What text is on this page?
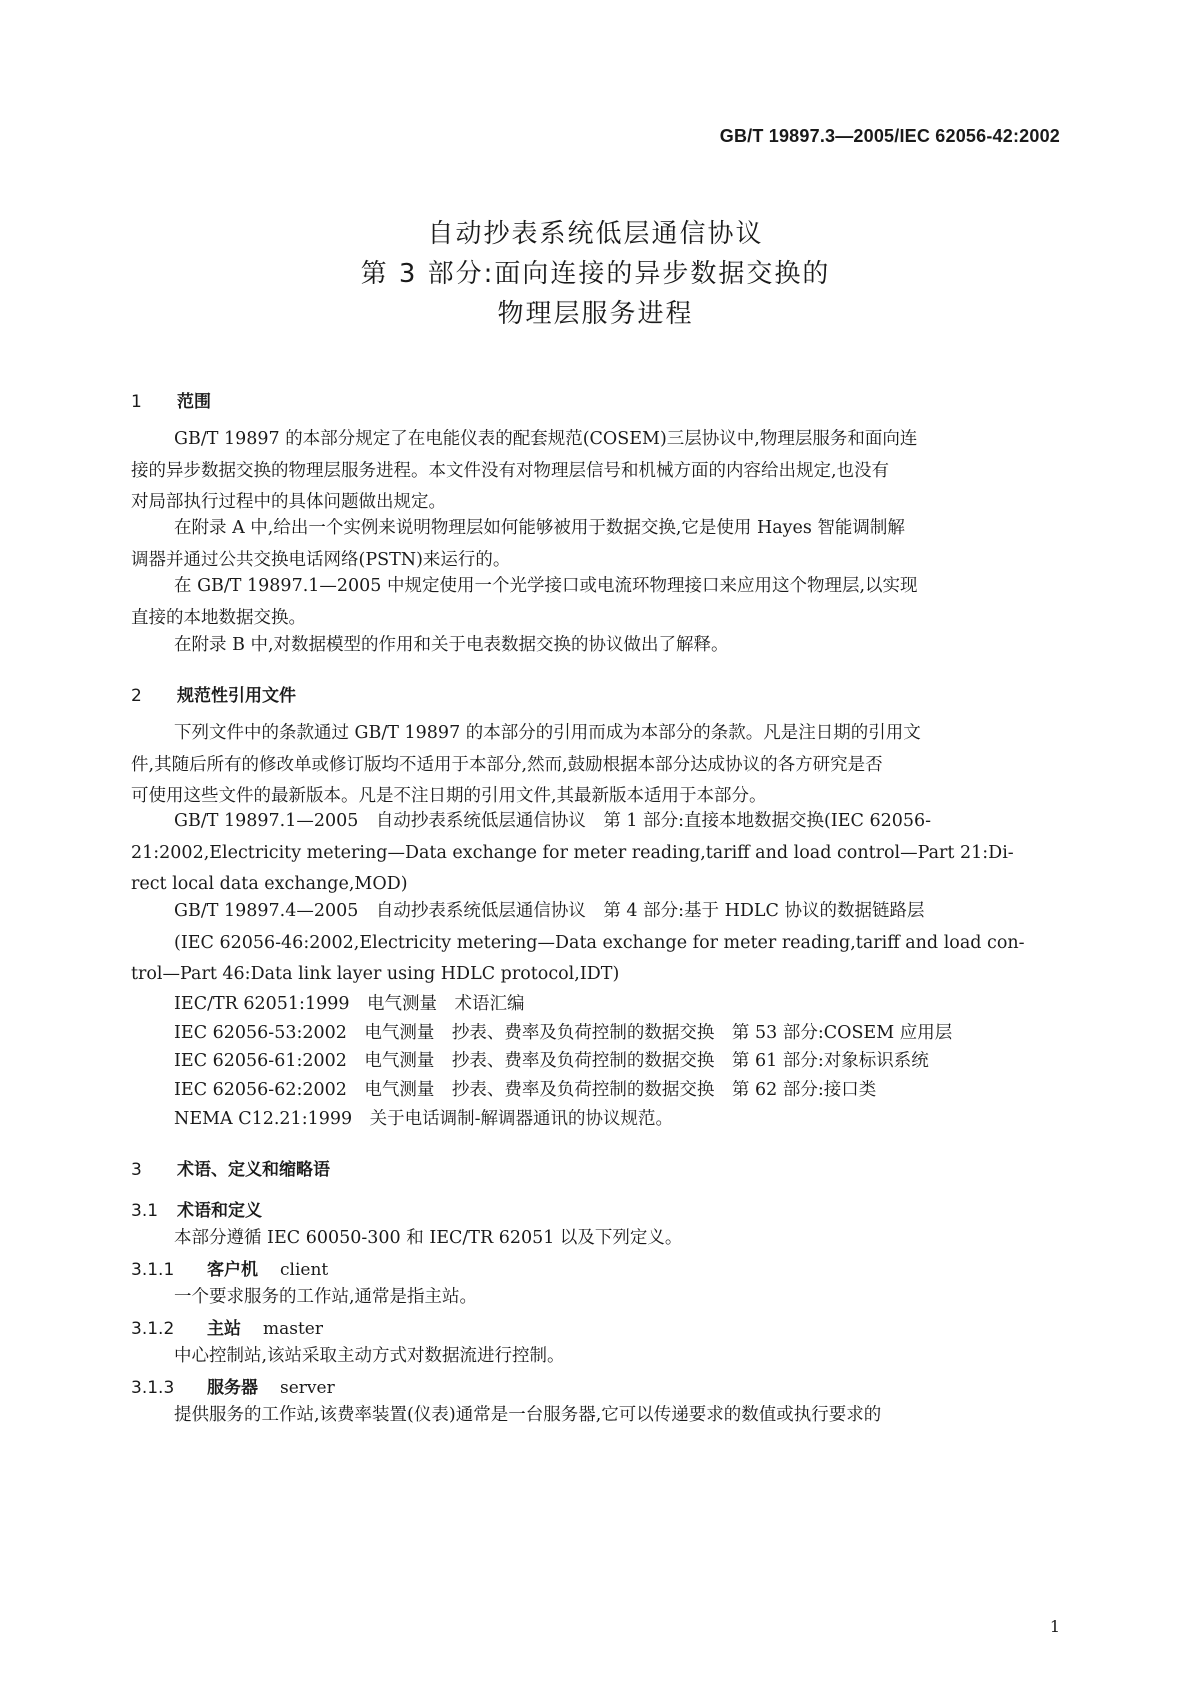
GB/T 19897.3—2005/IEC 62056-42:2002
自动抄表系统低层通信协议
第 3 部分:面向连接的异步数据交换的
物理层服务进程
1 范围
GB/T 19897 的本部分规定了在电能仪表的配套规范(COSEM)三层协议中,物理层服务和面向连
接的异步数据交换的物理层服务进程。本文件没有对物理层信号和机械方面的内容给出规定,也没有
对局部执行过程中的具体问题做出规定。
在附录 A 中,给出一个实例来说明物理层如何能够被用于数据交换,它是使用 Hayes 智能调制解
调器并通过公共交换电话网络(PSTN)来运行的。
在 GB/T 19897.1—2005 中规定使用一个光学接口或电流环物理接口来应用这个物理层,以实现
直接的本地数据交换。
在附录 B 中,对数据模型的作用和关于电表数据交换的协议做出了解释。
2 规范性引用文件
下列文件中的条款通过 GB/T 19897 的本部分的引用而成为本部分的条款。凡是注日期的引用文
件,其随后所有的修改单或修订版均不适用于本部分,然而,鼓励根据本部分达成协议的各方研究是否
可使用这些文件的最新版本。凡是不注日期的引用文件,其最新版本适用于本部分。
GB/T 19897.1—2005　自动抄表系统低层通信协议　第 1 部分:直接本地数据交换(IEC 62056-
21:2002,Electricity metering—Data exchange for meter reading,tariff and load control—Part 21:Di-
rect local data exchange,MOD)
GB/T 19897.4—2005　自动抄表系统低层通信协议　第 4 部分:基于 HDLC 协议的数据链路层
(IEC 62056-46:2002,Electricity metering—Data exchange for meter reading,tariff and load con-
trol—Part 46:Data link layer using HDLC protocol,IDT)
IEC/TR 62051:1999　电气测量　术语汇编
IEC 62056-53:2002　电气测量　抄表、费率及负荷控制的数据交换　第 53 部分:COSEM 应用层
IEC 62056-61:2002　电气测量　抄表、费率及负荷控制的数据交换　第 61 部分:对象标识系统
IEC 62056-62:2002　电气测量　抄表、费率及负荷控制的数据交换　第 62 部分:接口类
NEMA C12.21:1999　关于电话调制-解调器通讯的协议规范。
3 术语、定义和缩略语
3.1 术语和定义
本部分遵循 IEC 60050-300 和 IEC/TR 62051 以及下列定义。
3.1.1 客户机 client
一个要求服务的工作站,通常是指主站。
3.1.2 主站 master
中心控制站,该站采取主动方式对数据流进行控制。
3.1.3 服务器 server
提供服务的工作站,该费率装置(仪表)通常是一台服务器,它可以传递要求的数值或执行要求的
1
